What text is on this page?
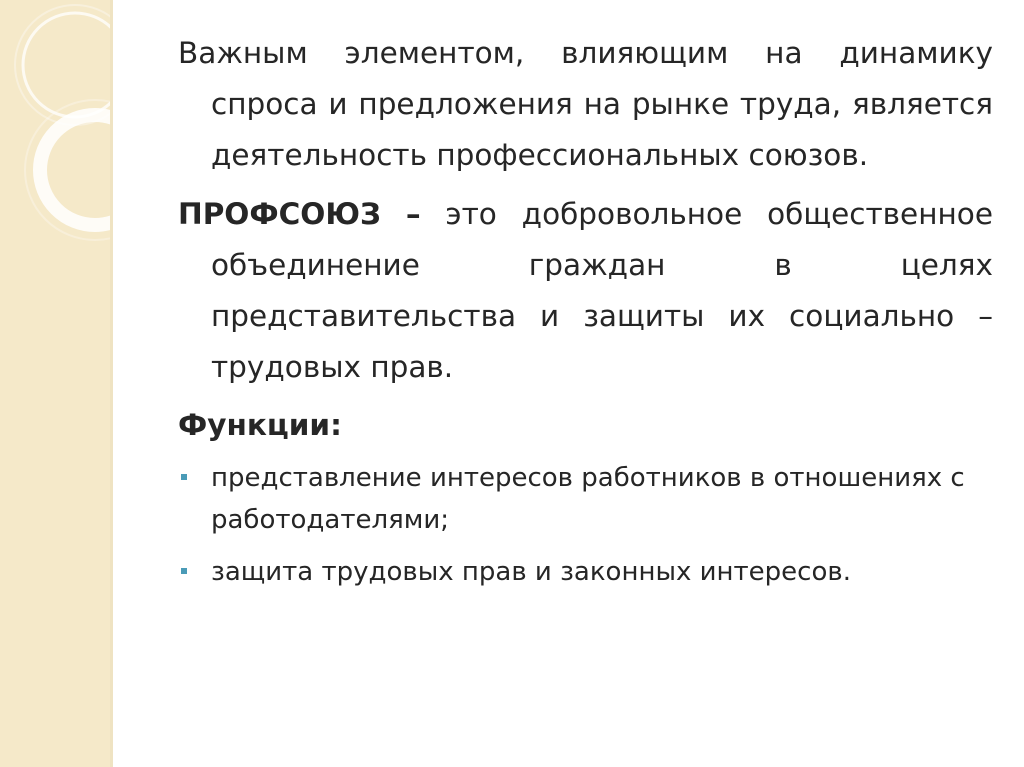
Важным элементом, влияющим на динамику спроса и предложения на рынке труда, является деятельность профессиональных союзов.

ПРОФСОЮЗ – это добровольное общественное объединение граждан в целях представительства и защиты их социально – трудовых прав.

Функции:
представление интересов работников в отношениях с работодателями;
защита трудовых прав и законных интересов.
